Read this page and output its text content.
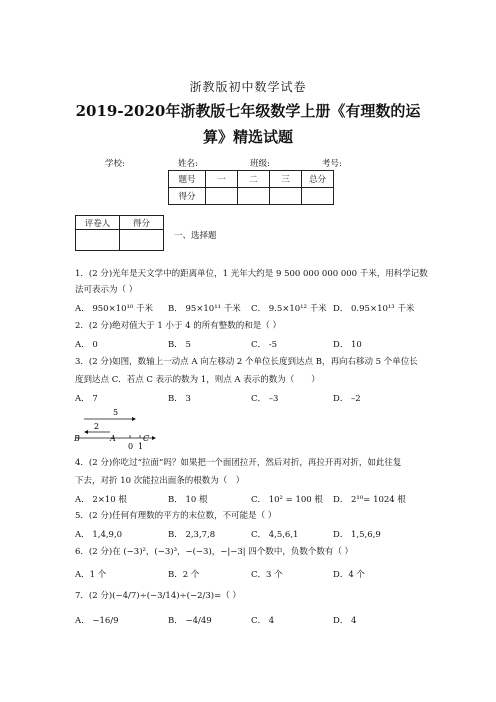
浙教版初中数学试卷
2019-2020年浙教版七年级数学上册《有理数的运
算》精选试题
学校:	姓名:	班级:	考号:
题号	一	二	三	总分
得分				
评卷人	得分

一、选择题
1．(2 分)光年是天文学中的距离单位，1 光年大约是 9 500 000 000 000 千米，用科学记数
法可表示为（ ）
A． 950×10¹⁰ 千米 B． 95×10¹¹ 千米 C． 9.5×10¹² 千米 D． 0.95×10¹³ 千米
2．(2 分)绝对值大于 1 小于 4 的所有整数的和是（ ）
A． 0	B． 5	C． -5	D． 10
3．(2 分)如图，数轴上一动点 A 向左移动 2 个单位长度到达点 B，再向右移动 5 个单位长
度到达点 C．若点 C 表示的数为 1，则点 A 表示的数为（　　）
A． 7	B． 3	C． –3	D． –2
5
2
B	A	C
0 1
4．(2 分)你吃过“拉面”吗？如果把一个面团拉开，然后对折，再拉开再对折，如此往复
下去，对折 10 次能拉出面条的根数为（　）
A． 2×10 根	B． 10 根	C． 10² = 100 根 D． 2¹⁰= 1024 根
5．(2 分)任何有理数的平方的末位数，不可能是（ ）
A． 1,4,9,0	B． 2,3,7,8	C． 4,5,6,1	D． 1,5,6,9
6．(2 分)在 (−3)²，(−3)³，−(−3)，−|−3| 四个数中，负数个数有（ ）
A．1 个	B．2 个	C．3 个	D．4 个
7．(2 分)(−4/7)÷(−3/14)÷(−2/3)=（ ）
A． −16/9	B． −4/49	C． 4	D． 4
